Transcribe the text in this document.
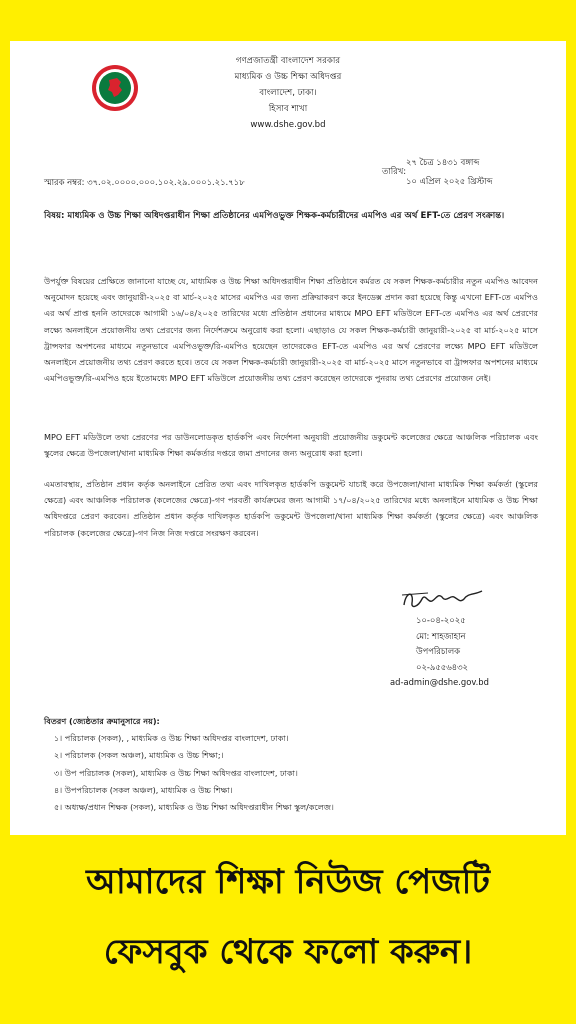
গণপ্রজাতন্ত্রী বাংলাদেশ সরকার
মাধ্যমিক ও উচ্চ শিক্ষা অধিদপ্তর
বাংলাদেশ, ঢাকা।
হিসাব শাখা
www.dshe.gov.bd
তারিখ:
২৭ চৈত্র ১৪৩১ বঙ্গাব্দ
১০ এপ্রিল ২০২৫ খ্রিস্টাব্দ
স্মারক নম্বর: ৩৭.০২.০০০০.০০০.১০২.২৯.০০০১.২১.৭১৮
বিষয়: মাধ্যমিক ও উচ্চ শিক্ষা অধিদপ্তরাধীন শিক্ষা প্রতিষ্ঠানের এমপিওভুক্ত শিক্ষক-কর্মচারীদের এমপিও এর অর্থ EFT-তে প্রেরণ সংক্রান্ত।
উপর্যুক্ত বিষয়ের প্রেক্ষিতে জানানো যাচ্ছে যে, মাধ্যমিক ও উচ্চ শিক্ষা অধিদপ্তরাধীন শিক্ষা প্রতিষ্ঠানে কর্মরত যে সকল শিক্ষক-কর্মচারীর নতুন এমপিও আবেদন অনুমোদন হয়েছে এবং জানুয়ারী-২০২৫ বা মার্চ-২০২৫ মাসের এমপিও এর জন্য প্রক্রিয়াকরণ করে ইনডেক্স প্রদান করা হয়েছে কিন্তু এখনো EFT-তে এমপিও এর অর্থ প্রাপ্ত হননি তাদেরকে আগামী ১৬/০৪/২০২৫ তারিখের মধ্যে প্রতিষ্ঠান প্রধানের মাধ্যমে MPO EFT মডিউলে EFT-তে এমপিও এর অর্থ প্রেরণের লক্ষ্যে অনলাইনে প্রয়োজনীয় তথ্য প্রেরণের জন্য নির্দেশক্রমে অনুরোধ করা হলো। এছাড়াও যে সকল শিক্ষক-কর্মচারী জানুয়ারী-২০২৫ বা মার্চ-২০২৫ মাসে ট্রান্সফার অপশনের মাধ্যমে নতুনভাবে এমপিওভুক্ত/রি-এমপিও হয়েছেন তাদেরকেও EFT-তে এমপিও এর অর্থ প্রেরণের লক্ষ্যে MPO EFT মডিউলে অনলাইনে প্রয়োজনীয় তথ্য প্রেরণ করতে হবে। তবে যে সকল শিক্ষক-কর্মচারী জানুয়ারী-২০২৫ বা মার্চ-২০২৫ মাসে নতুনভাবে বা ট্রান্সফার অপশনের মাধ্যমে এমপিওভুক্ত/রি-এমপিও হয়ে ইতোমধ্যে MPO EFT মডিউলে প্রয়োজনীয় তথ্য প্রেরণ করেছেন তাদেরকে পুনরায় তথ্য প্রেরণের প্রয়োজন নেই।
MPO EFT মডিউলে তথ্য প্রেরণের পর ডাউনলোডকৃত হার্ডকপি এবং নির্দেশনা অনুযায়ী প্রয়োজনীয় ডকুমেন্ট কলেজের ক্ষেত্রে আঞ্চলিক পরিচালক এবং স্কুলের ক্ষেত্রে উপজেলা/থানা মাধ্যমিক শিক্ষা কর্মকর্তার দপ্তরে জমা প্রদানের জন্য অনুরোধ করা হলো।
এমতাবস্থায়, প্রতিষ্ঠান প্রধান কর্তৃক অনলাইনে প্রেরিত তথ্য এবং দাখিলকৃত হার্ডকপি ডকুমেন্ট যাচাই করে উপজেলা/থানা মাধ্যমিক শিক্ষা কর্মকর্তা (স্কুলের ক্ষেত্রে) এবং আঞ্চলিক পরিচালক (কলেজের ক্ষেত্রে)-গণ পরবর্তী কার্যক্রমের জন্য আগামী ১৭/০৪/২০২৫ তারিখের মধ্যে অনলাইনে মাধ্যমিক ও উচ্চ শিক্ষা অধিদপ্তরে প্রেরণ করবেন। প্রতিষ্ঠান প্রধান কর্তৃক দাখিলকৃত হার্ডকপি ডকুমেন্ট উপজেলা/থানা মাধ্যমিক শিক্ষা কর্মকর্তা (স্কুলের ক্ষেত্রে) এবং আঞ্চলিক পরিচালক (কলেজের ক্ষেত্রে)-গণ নিজ নিজ দপ্তরে সংরক্ষণ করবেন।
১০-০৪-২০২৫
মো: শাহজাহান
উপপরিচালক
০২-৯৫৫৬৪৩২
ad-admin@dshe.gov.bd
বিতরণ (জ্যেষ্ঠতার ক্রমানুসারে নয়):
১। পরিচালক (সকল), , মাধ্যমিক ও উচ্চ শিক্ষা অধিদপ্তর বাংলাদেশ, ঢাকা।
২। পরিচালক (সকল অঞ্চল), মাধ্যমিক ও উচ্চ শিক্ষা;।
৩। উপ পরিচালক (সকল), মাধ্যমিক ও উচ্চ শিক্ষা অধিদপ্তর বাংলাদেশ, ঢাকা।
৪। উপপরিচালক (সকল অঞ্চল), মাধ্যমিক ও উচ্চ শিক্ষা।
৫। অধ্যক্ষ/প্রধান শিক্ষক (সকল), মাধ্যমিক ও উচ্চ শিক্ষা অধিদপ্তরাধীন শিক্ষা স্কুল/কলেজ।
আমাদের শিক্ষা নিউজ পেজটি
ফেসবুক থেকে ফলো করুন।
